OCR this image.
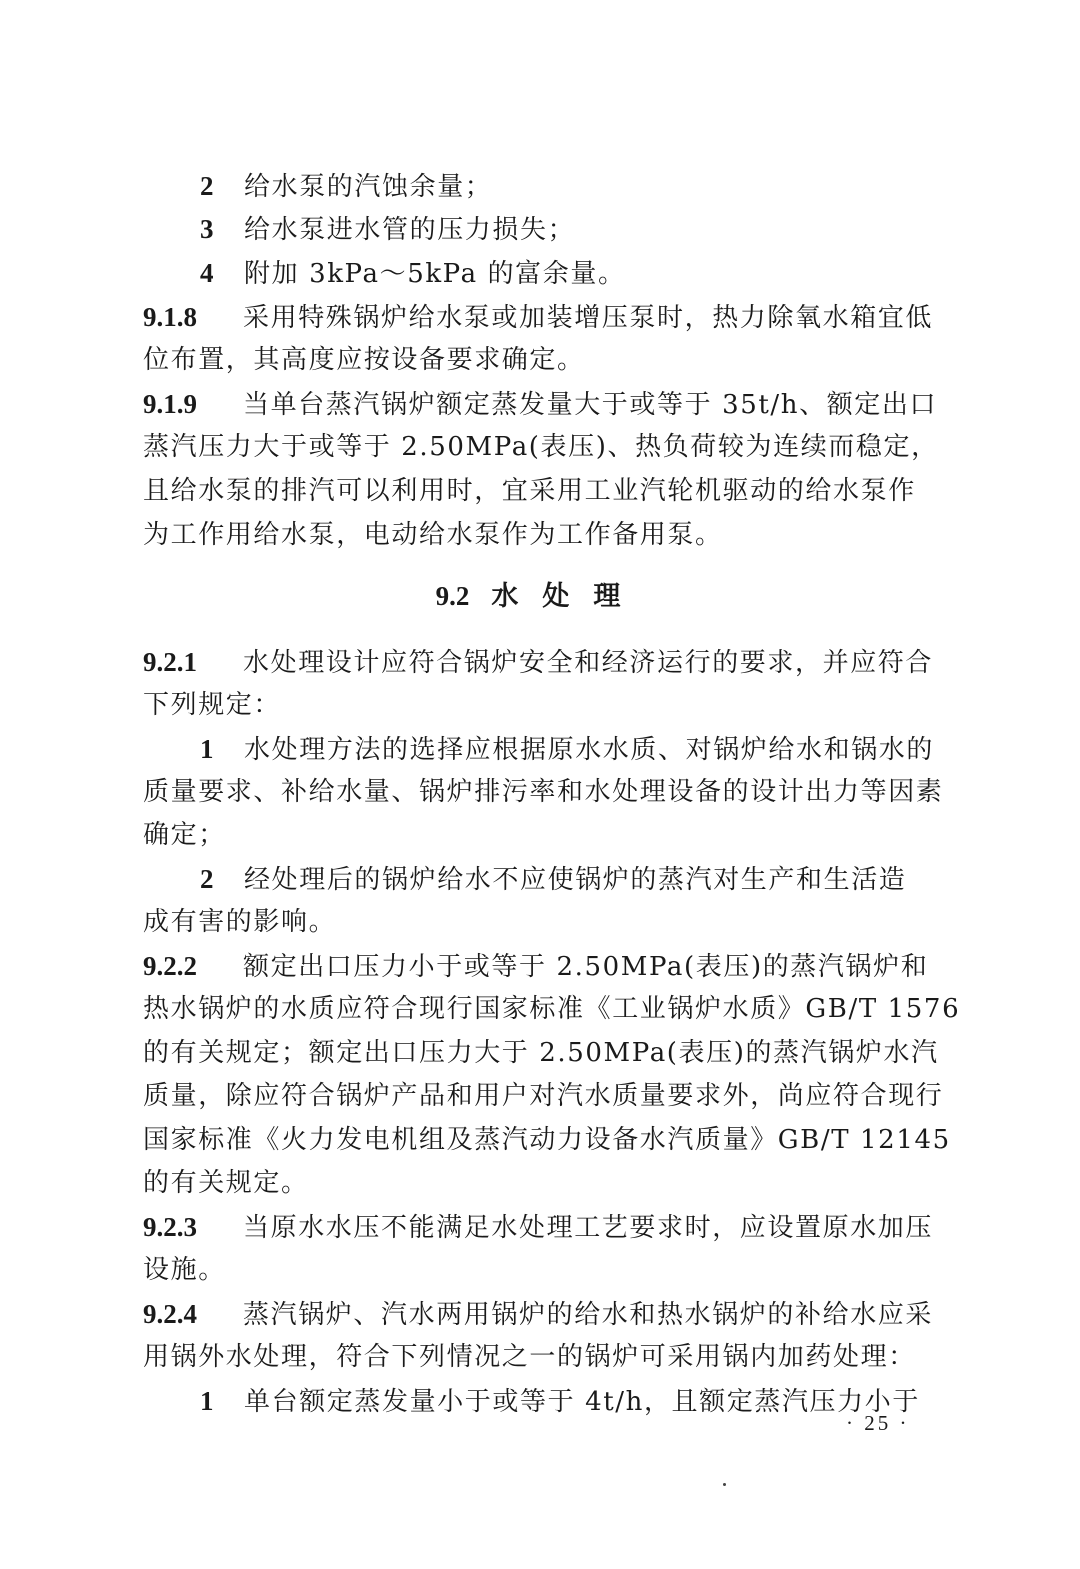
2 给水泵的汽蚀余量；
3 给水泵进水管的压力损失；
4 附加 3kPa～5kPa 的富余量。
9.1.8 采用特殊锅炉给水泵或加装增压泵时，热力除氧水箱宜低
位布置，其高度应按设备要求确定。
9.1.9 当单台蒸汽锅炉额定蒸发量大于或等于 35t/h、额定出口
蒸汽压力大于或等于 2.50MPa(表压)、热负荷较为连续而稳定，
且给水泵的排汽可以利用时，宜采用工业汽轮机驱动的给水泵作
为工作用给水泵，电动给水泵作为工作备用泵。
9.2 水处理
9.2.1 水处理设计应符合锅炉安全和经济运行的要求，并应符合
下列规定：
1 水处理方法的选择应根据原水水质、对锅炉给水和锅水的
质量要求、补给水量、锅炉排污率和水处理设备的设计出力等因素
确定；
2 经处理后的锅炉给水不应使锅炉的蒸汽对生产和生活造
成有害的影响。
9.2.2 额定出口压力小于或等于 2.50MPa(表压)的蒸汽锅炉和
热水锅炉的水质应符合现行国家标准《工业锅炉水质》GB/T 1576
的有关规定；额定出口压力大于 2.50MPa(表压)的蒸汽锅炉水汽
质量，除应符合锅炉产品和用户对汽水质量要求外，尚应符合现行
国家标准《火力发电机组及蒸汽动力设备水汽质量》GB/T 12145
的有关规定。
9.2.3 当原水水压不能满足水处理工艺要求时，应设置原水加压
设施。
9.2.4 蒸汽锅炉、汽水两用锅炉的给水和热水锅炉的补给水应采
用锅外水处理，符合下列情况之一的锅炉可采用锅内加药处理：
1 单台额定蒸发量小于或等于 4t/h，且额定蒸汽压力小于
· 25 ·
